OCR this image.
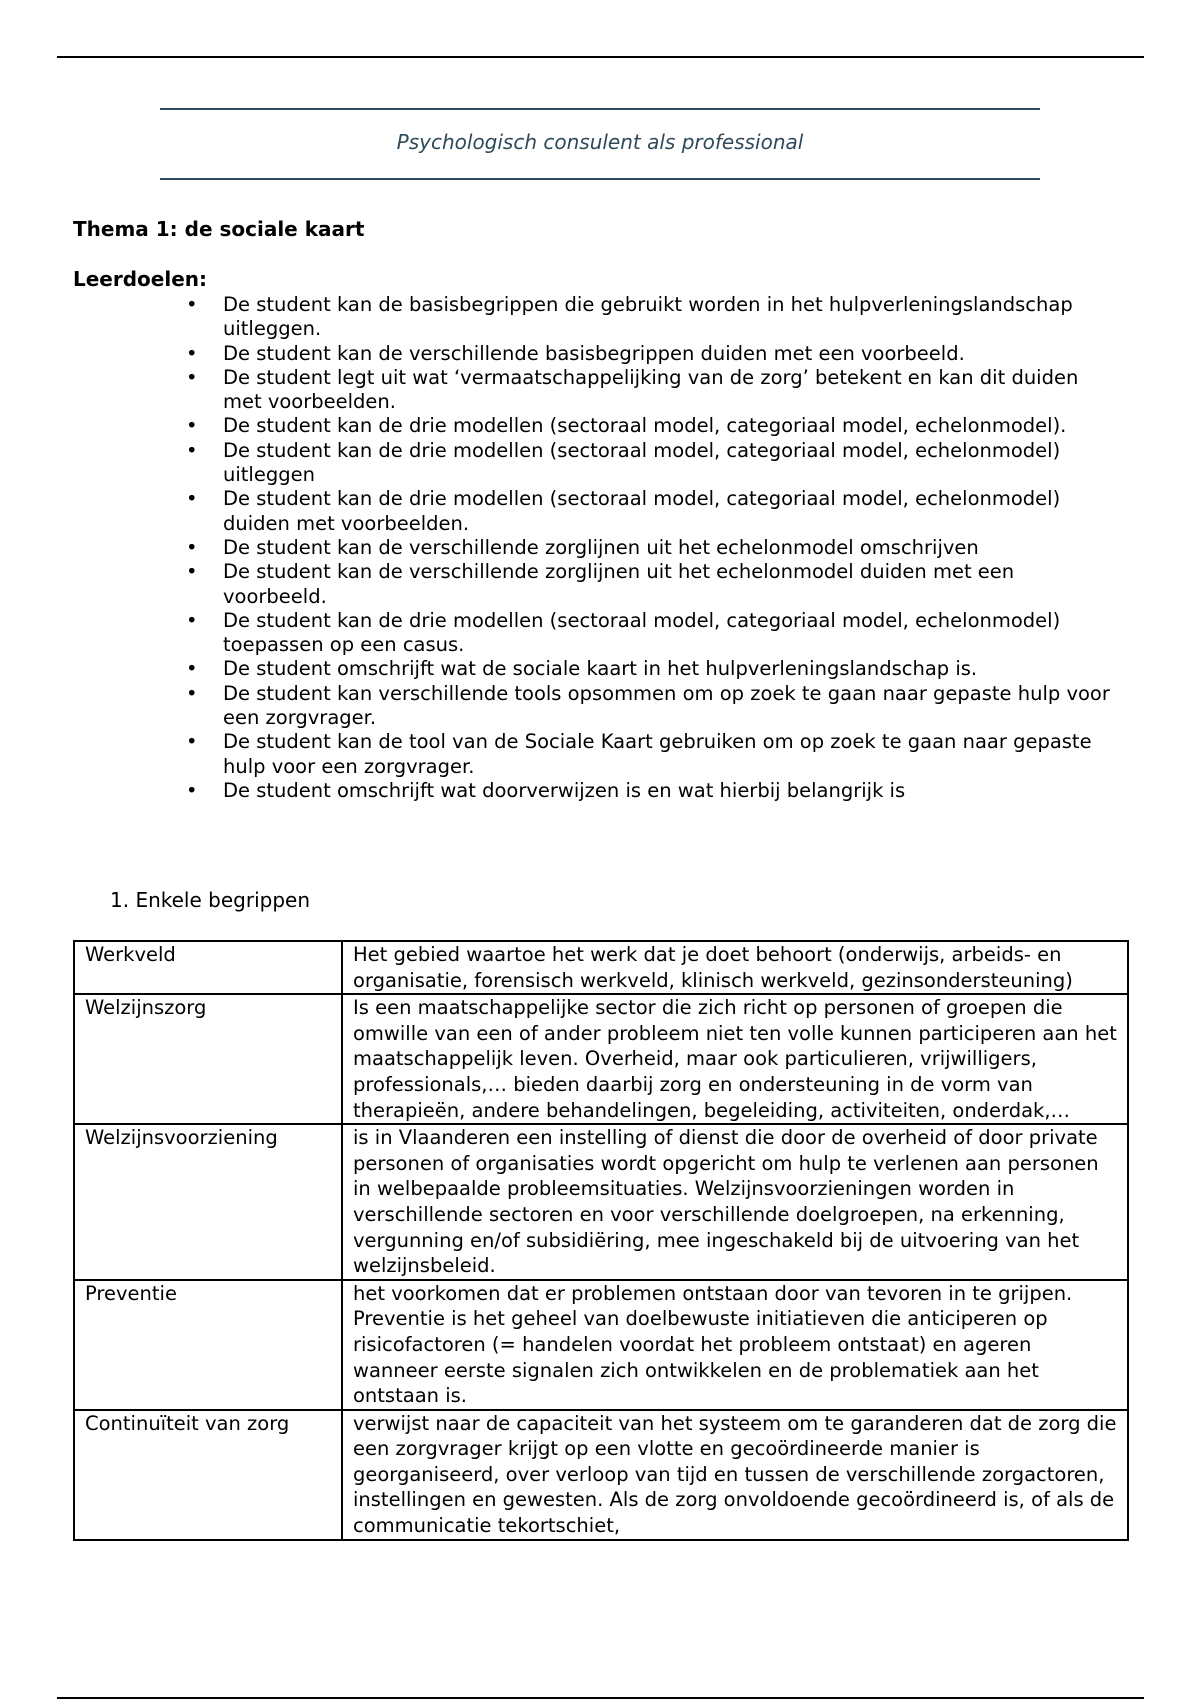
Psychologisch consulent als professional
Thema 1: de sociale kaart
Leerdoelen:
• De student kan de basisbegrippen die gebruikt worden in het hulpverleningslandschap uitleggen.
• De student kan de verschillende basisbegrippen duiden met een voorbeeld.
• De student legt uit wat ‘vermaatschappelijking van de zorg’ betekent en kan dit duiden met voorbeelden.
• De student kan de drie modellen (sectoraal model, categoriaal model, echelonmodel).
• De student kan de drie modellen (sectoraal model, categoriaal model, echelonmodel) uitleggen
• De student kan de drie modellen (sectoraal model, categoriaal model, echelonmodel) duiden met voorbeelden.
• De student kan de verschillende zorglijnen uit het echelonmodel omschrijven
• De student kan de verschillende zorglijnen uit het echelonmodel duiden met een voorbeeld.
• De student kan de drie modellen (sectoraal model, categoriaal model, echelonmodel) toepassen op een casus.
• De student omschrijft wat de sociale kaart in het hulpverleningslandschap is.
• De student kan verschillende tools opsommen om op zoek te gaan naar gepaste hulp voor een zorgvrager.
• De student kan de tool van de Sociale Kaart gebruiken om op zoek te gaan naar gepaste hulp voor een zorgvrager.
• De student omschrijft wat doorverwijzen is en wat hierbij belangrijk is
1. Enkele begrippen
Werkveld	Het gebied waartoe het werk dat je doet behoort (onderwijs, arbeids- en organisatie, forensisch werkveld, klinisch werkveld, gezinsondersteuning)
Welzijnszorg	Is een maatschappelijke sector die zich richt op personen of groepen die omwille van een of ander probleem niet ten volle kunnen participeren aan het maatschappelijk leven. Overheid, maar ook particulieren, vrijwilligers, professionals,… bieden daarbij zorg en ondersteuning in de vorm van therapieën, andere behandelingen, begeleiding, activiteiten, onderdak,…
Welzijnsvoorziening	is in Vlaanderen een instelling of dienst die door de overheid of door private personen of organisaties wordt opgericht om hulp te verlenen aan personen in welbepaalde probleemsituaties. Welzijnsvoorzieningen worden in verschillende sectoren en voor verschillende doelgroepen, na erkenning, vergunning en/of subsidiëring, mee ingeschakeld bij de uitvoering van het welzijnsbeleid.
Preventie	het voorkomen dat er problemen ontstaan door van tevoren in te grijpen. Preventie is het geheel van doelbewuste initiatieven die anticiperen op risicofactoren (= handelen voordat het probleem ontstaat) en ageren wanneer eerste signalen zich ontwikkelen en de problematiek aan het ontstaan is.
Continuïteit van zorg	verwijst naar de capaciteit van het systeem om te garanderen dat de zorg die een zorgvrager krijgt op een vlotte en gecoördineerde manier is georganiseerd, over verloop van tijd en tussen de verschillende zorgactoren, instellingen en gewesten. Als de zorg onvoldoende gecoördineerd is, of als de communicatie tekortschiet,
